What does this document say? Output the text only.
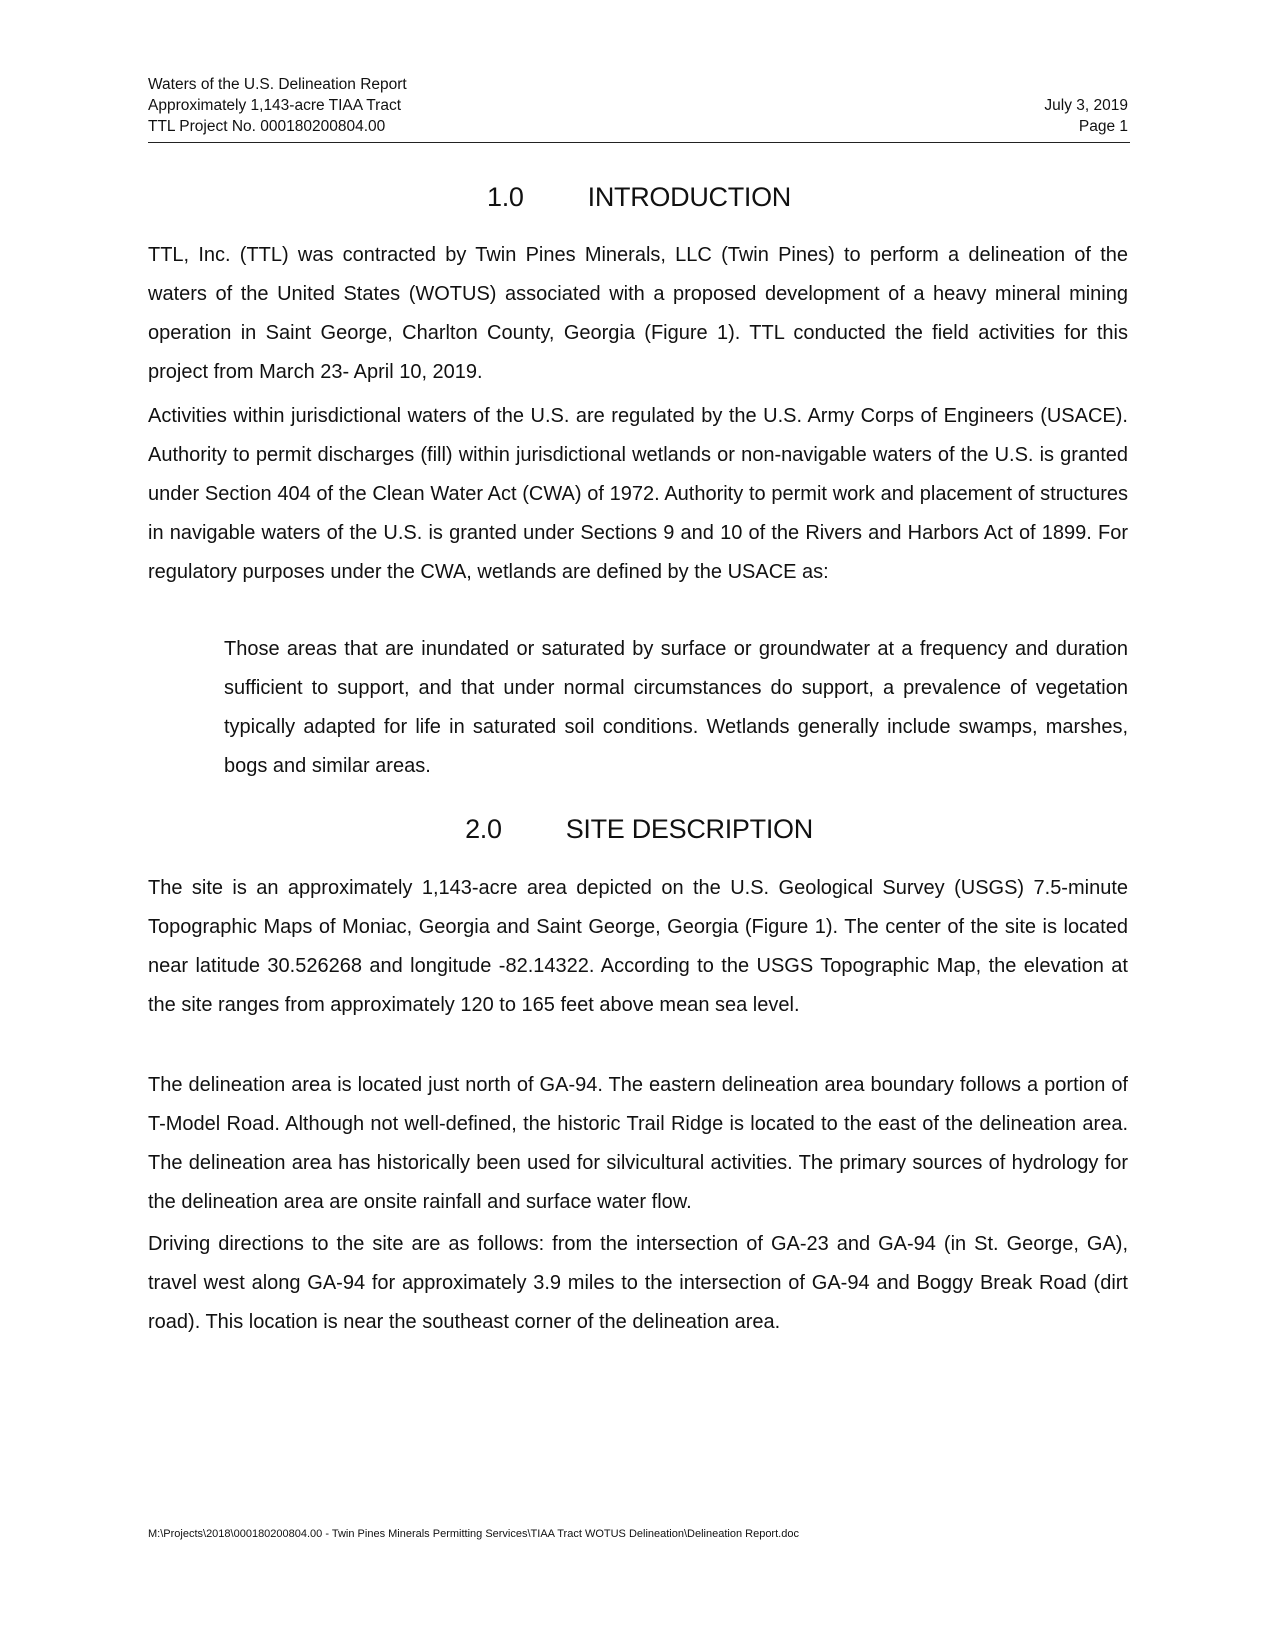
Waters of the U.S. Delineation Report
Approximately 1,143-acre TIAA Tract
TTL Project No. 000180200804.00
July 3, 2019
Page 1
1.0 INTRODUCTION

TTL, Inc. (TTL) was contracted by Twin Pines Minerals, LLC (Twin Pines) to perform a delineation of the waters of the United States (WOTUS) associated with a proposed development of a heavy mineral mining operation in Saint George, Charlton County, Georgia (Figure 1). TTL conducted the field activities for this project from March 23- April 10, 2019.

Activities within jurisdictional waters of the U.S. are regulated by the U.S. Army Corps of Engineers (USACE). Authority to permit discharges (fill) within jurisdictional wetlands or non-navigable waters of the U.S. is granted under Section 404 of the Clean Water Act (CWA) of 1972. Authority to permit work and placement of structures in navigable waters of the U.S. is granted under Sections 9 and 10 of the Rivers and Harbors Act of 1899. For regulatory purposes under the CWA, wetlands are defined by the USACE as:

Those areas that are inundated or saturated by surface or groundwater at a frequency and duration sufficient to support, and that under normal circumstances do support, a prevalence of vegetation typically adapted for life in saturated soil conditions. Wetlands generally include swamps, marshes, bogs and similar areas.

2.0 SITE DESCRIPTION

The site is an approximately 1,143-acre area depicted on the U.S. Geological Survey (USGS) 7.5-minute Topographic Maps of Moniac, Georgia and Saint George, Georgia (Figure 1). The center of the site is located near latitude 30.526268 and longitude -82.14322. According to the USGS Topographic Map, the elevation at the site ranges from approximately 120 to 165 feet above mean sea level.

The delineation area is located just north of GA-94. The eastern delineation area boundary follows a portion of T-Model Road. Although not well-defined, the historic Trail Ridge is located to the east of the delineation area. The delineation area has historically been used for silvicultural activities. The primary sources of hydrology for the delineation area are onsite rainfall and surface water flow.

Driving directions to the site are as follows: from the intersection of GA-23 and GA-94 (in St. George, GA), travel west along GA-94 for approximately 3.9 miles to the intersection of GA-94 and Boggy Break Road (dirt road). This location is near the southeast corner of the delineation area.

M:\Projects\2018\000180200804.00 - Twin Pines Minerals Permitting Services\TIAA Tract WOTUS Delineation\Delineation Report.doc
